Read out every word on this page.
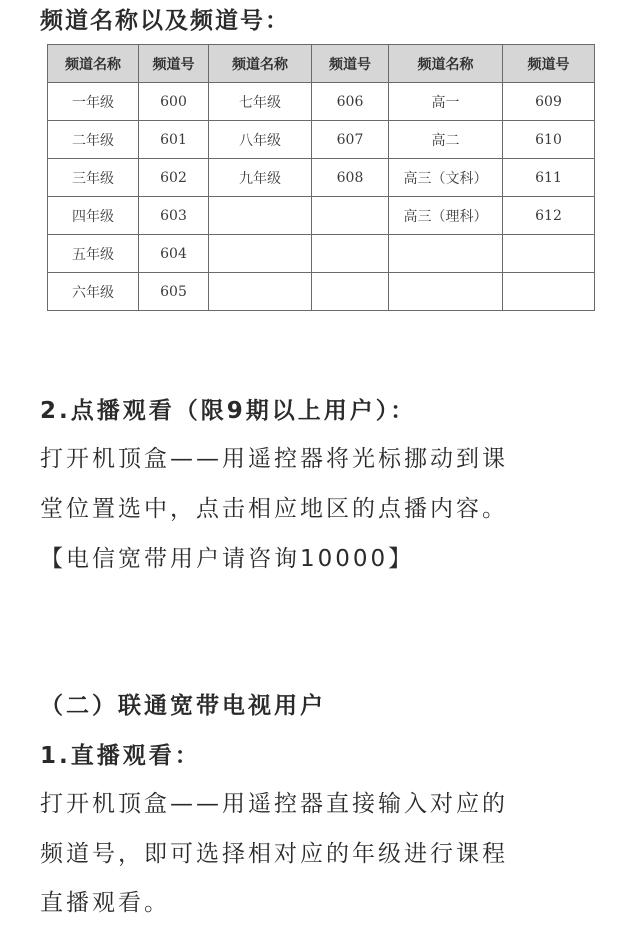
频道名称以及频道号：
频道名称	频道号	频道名称	频道号	频道名称	频道号
一年级	600	七年级	606	高一	609
二年级	601	八年级	607	高二	610
三年级	602	九年级	608	高三（文科）	611
四年级	603			高三（理科）	612
五年级	604				
六年级	605				
2.点播观看（限9期以上用户）：
打开机顶盒——用遥控器将光标挪动到课
堂位置选中，点击相应地区的点播内容。
【电信宽带用户请咨询10000】
（二）联通宽带电视用户
1.直播观看：
打开机顶盒——用遥控器直接输入对应的
频道号，即可选择相对应的年级进行课程
直播观看。
